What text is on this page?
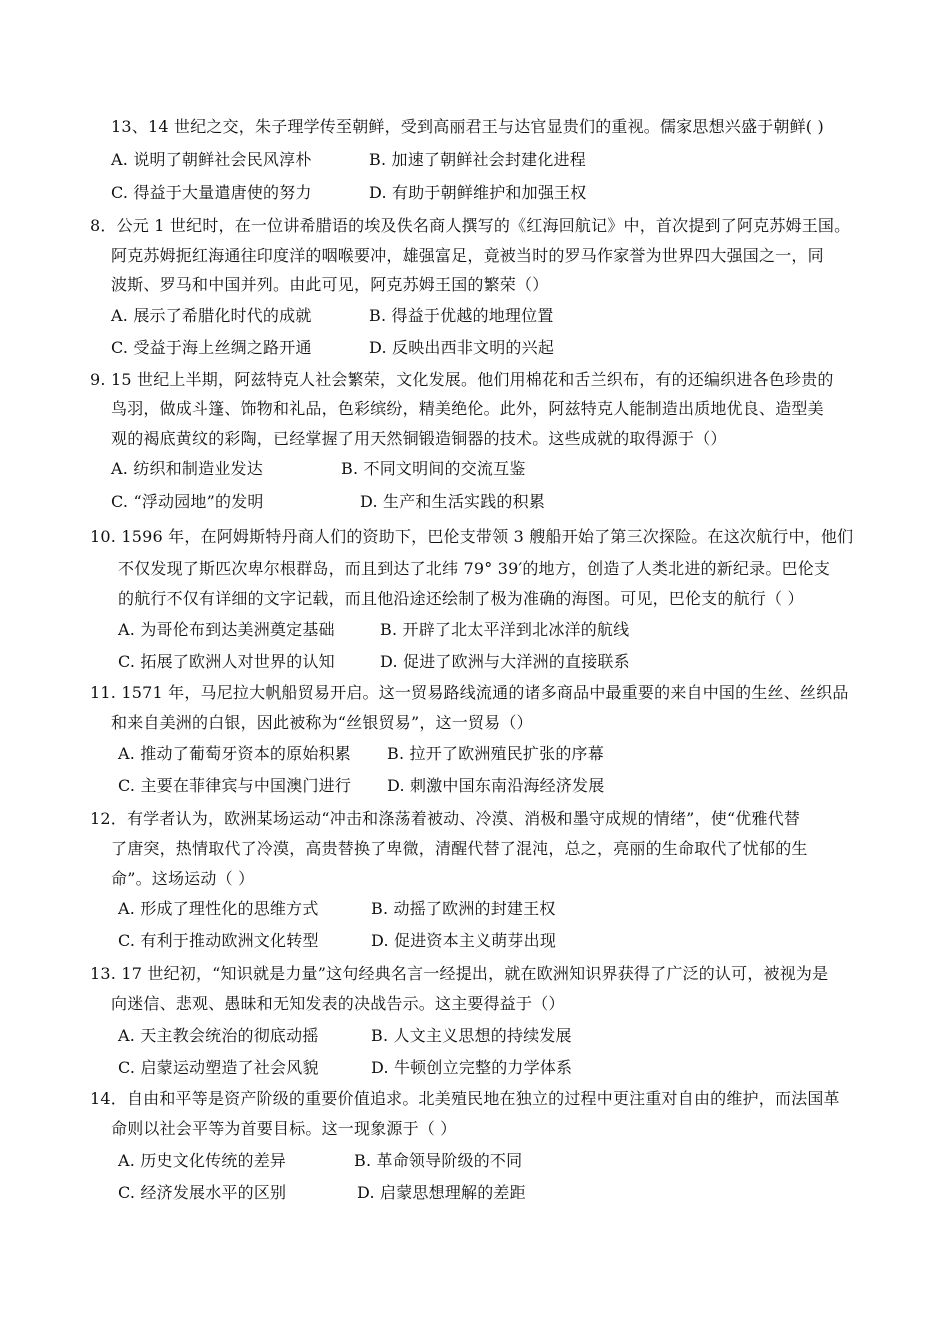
13、14 世纪之交，朱子理学传至朝鲜，受到高丽君王与达官显贵们的重视。儒家思想兴盛于朝鲜( )
A. 说明了朝鲜社会民风淳朴	B. 加速了朝鲜社会封建化进程
C. 得益于大量遣唐使的努力	D. 有助于朝鲜维护和加强王权
8．公元 1 世纪时，在一位讲希腊语的埃及佚名商人撰写的《红海回航记》中，首次提到了阿克苏姆王国。
阿克苏姆扼红海通往印度洋的咽喉要冲，雄强富足，竟被当时的罗马作家誉为世界四大强国之一，同
波斯、罗马和中国并列。由此可见，阿克苏姆王国的繁荣（）
A. 展示了希腊化时代的成就	B. 得益于优越的地理位置
C. 受益于海上丝绸之路开通	D. 反映出西非文明的兴起
9. 15 世纪上半期，阿兹特克人社会繁荣，文化发展。他们用棉花和舌兰织布，有的还编织进各色珍贵的
鸟羽，做成斗篷、饰物和礼品，色彩缤纷，精美绝伦。此外，阿兹特克人能制造出质地优良、造型美
观的褐底黄纹的彩陶，已经掌握了用天然铜锻造铜器的技术。这些成就的取得源于（）
A. 纺织和制造业发达	B. 不同文明间的交流互鉴
C. “浮动园地”的发明	D. 生产和生活实践的积累
10. 1596 年，在阿姆斯特丹商人们的资助下，巴伦支带领 3 艘船开始了第三次探险。在这次航行中，他们
不仅发现了斯匹次卑尔根群岛，而且到达了北纬 79° 39′的地方，创造了人类北进的新纪录。巴伦支
的航行不仅有详细的文字记载，而且他沿途还绘制了极为准确的海图。可见，巴伦支的航行（ ）
A. 为哥伦布到达美洲奠定基础	B. 开辟了北太平洋到北冰洋的航线
C. 拓展了欧洲人对世界的认知	D. 促进了欧洲与大洋洲的直接联系
11. 1571 年，马尼拉大帆船贸易开启。这一贸易路线流通的诸多商品中最重要的来自中国的生丝、丝织品
和来自美洲的白银，因此被称为“丝银贸易”，这一贸易（）
A. 推动了葡萄牙资本的原始积累 B. 拉开了欧洲殖民扩张的序幕
C. 主要在菲律宾与中国澳门进行 D. 刺激中国东南沿海经济发展
12．有学者认为，欧洲某场运动“冲击和涤荡着被动、冷漠、消极和墨守成规的情绪”，使“优雅代替
了唐突，热情取代了冷漠，高贵替换了卑微，清醒代替了混沌，总之，亮丽的生命取代了忧郁的生
命”。这场运动（ ）
A. 形成了理性化的思维方式	B. 动摇了欧洲的封建王权
C. 有利于推动欧洲文化转型	D. 促进资本主义萌芽出现
13. 17 世纪初，“知识就是力量”这句经典名言一经提出，就在欧洲知识界获得了广泛的认可，被视为是
向迷信、悲观、愚昧和无知发表的决战告示。这主要得益于（）
A. 天主教会统治的彻底动摇	B. 人文主义思想的持续发展
C. 启蒙运动塑造了社会风貌	D. 牛顿创立完整的力学体系
14．自由和平等是资产阶级的重要价值追求。北美殖民地在独立的过程中更注重对自由的维护，而法国革
命则以社会平等为首要目标。这一现象源于（ ）
A. 历史文化传统的差异	B. 革命领导阶级的不同
C. 经济发展水平的区别	D. 启蒙思想理解的差距
